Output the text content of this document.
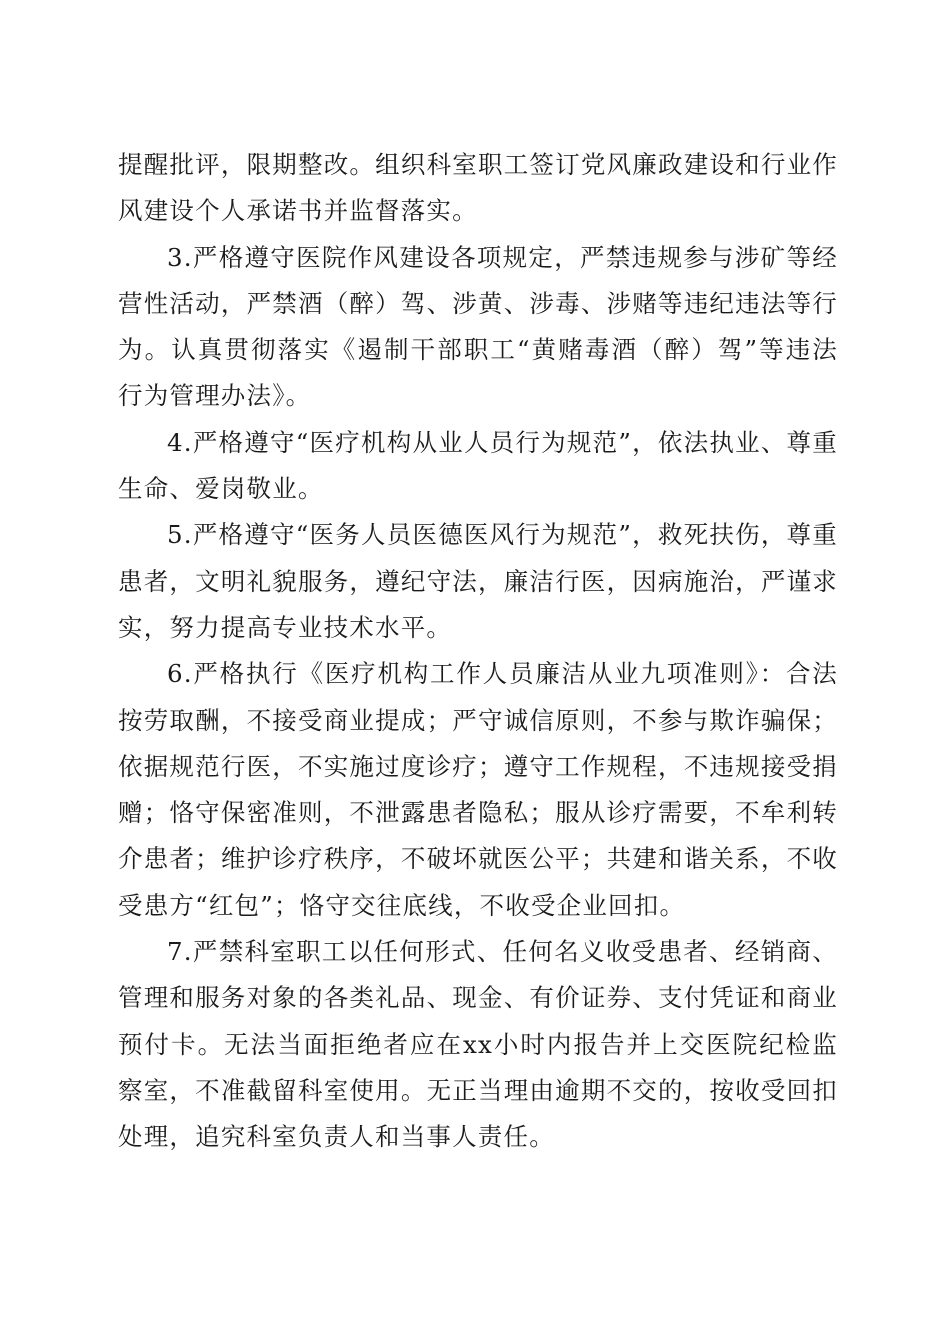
提醒批评，限期整改。组织科室职工签订党风廉政建设和行业作风建设个人承诺书并监督落实。

3.严格遵守医院作风建设各项规定，严禁违规参与涉矿等经营性活动，严禁酒（醉）驾、涉黄、涉毒、涉赌等违纪违法等行为。认真贯彻落实《遏制干部职工“黄赌毒酒（醉）驾”等违法行为管理办法》。

4.严格遵守“医疗机构从业人员行为规范”，依法执业、尊重生命、爱岗敬业。

5.严格遵守“医务人员医德医风行为规范”，救死扶伤，尊重患者，文明礼貌服务，遵纪守法，廉洁行医，因病施治，严谨求实，努力提高专业技术水平。

6.严格执行《医疗机构工作人员廉洁从业九项准则》：合法按劳取酬，不接受商业提成；严守诚信原则，不参与欺诈骗保；依据规范行医，不实施过度诊疗；遵守工作规程，不违规接受捐赠；恪守保密准则，不泄露患者隐私；服从诊疗需要，不牟利转介患者；维护诊疗秩序，不破坏就医公平；共建和谐关系，不收受患方“红包”；恪守交往底线，不收受企业回扣。

7.严禁科室职工以任何形式、任何名义收受患者、经销商、管理和服务对象的各类礼品、现金、有价证券、支付凭证和商业预付卡。无法当面拒绝者应在xx小时内报告并上交医院纪检监察室，不准截留科室使用。无正当理由逾期不交的，按收受回扣处理，追究科室负责人和当事人责任。
